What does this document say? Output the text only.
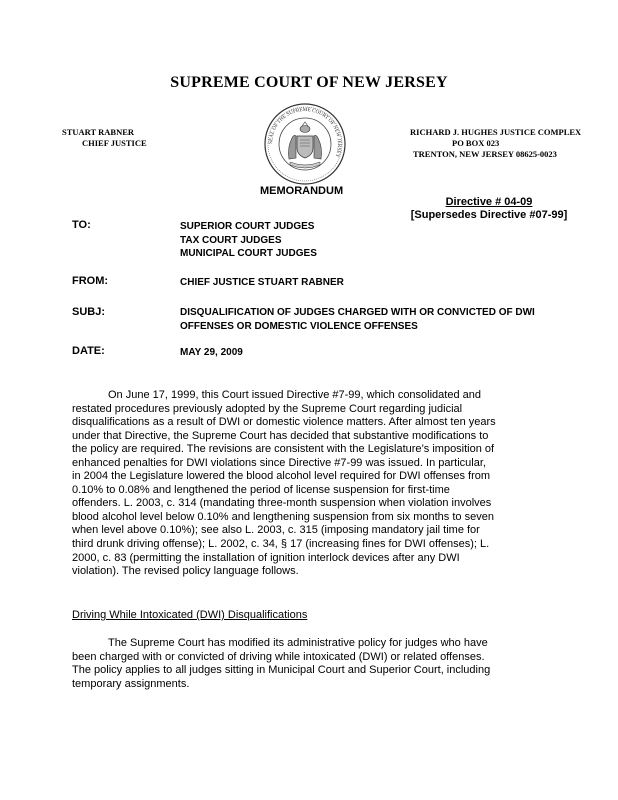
SUPREME COURT OF NEW JERSEY
STUART RABNER
CHIEF JUSTICE	SEAL OF THE SUPREME COURT OF NEW JERSEY
RICHARD J. HUGHES JUSTICE COMPLEX
PO BOX 023
TRENTON, NEW JERSEY 08625-0023
MEMORANDUM
Directive # 04-09
[Supersedes Directive #07-99]
TO:	SUPERIOR COURT JUDGES
TAX COURT JUDGES
MUNICIPAL COURT JUDGES
FROM:	CHIEF JUSTICE STUART RABNER
SUBJ:	DISQUALIFICATION OF JUDGES CHARGED WITH OR CONVICTED OF DWI
OFFENSES OR DOMESTIC VIOLENCE OFFENSES
DATE:	MAY 29, 2009
On June 17, 1999, this Court issued Directive #7-99, which consolidated and
restated procedures previously adopted by the Supreme Court regarding judicial
disqualifications as a result of DWI or domestic violence matters. After almost ten years
under that Directive, the Supreme Court has decided that substantive modifications to
the policy are required. The revisions are consistent with the Legislature’s imposition of
enhanced penalties for DWI violations since Directive #7-99 was issued. In particular,
in 2004 the Legislature lowered the blood alcohol level required for DWI offenses from
0.10% to 0.08% and lengthened the period of license suspension for first-time
offenders. L. 2003, c. 314 (mandating three-month suspension when violation involves
blood alcohol level below 0.10% and lengthening suspension from six months to seven
when level above 0.10%); see also L. 2003, c. 315 (imposing mandatory jail time for
third drunk driving offense); L. 2002, c. 34, § 17 (increasing fines for DWI offenses); L.
2000, c. 83 (permitting the installation of ignition interlock devices after any DWI
violation). The revised policy language follows.
Driving While Intoxicated (DWI) Disqualifications
The Supreme Court has modified its administrative policy for judges who have
been charged with or convicted of driving while intoxicated (DWI) or related offenses.
The policy applies to all judges sitting in Municipal Court and Superior Court, including
temporary assignments.
